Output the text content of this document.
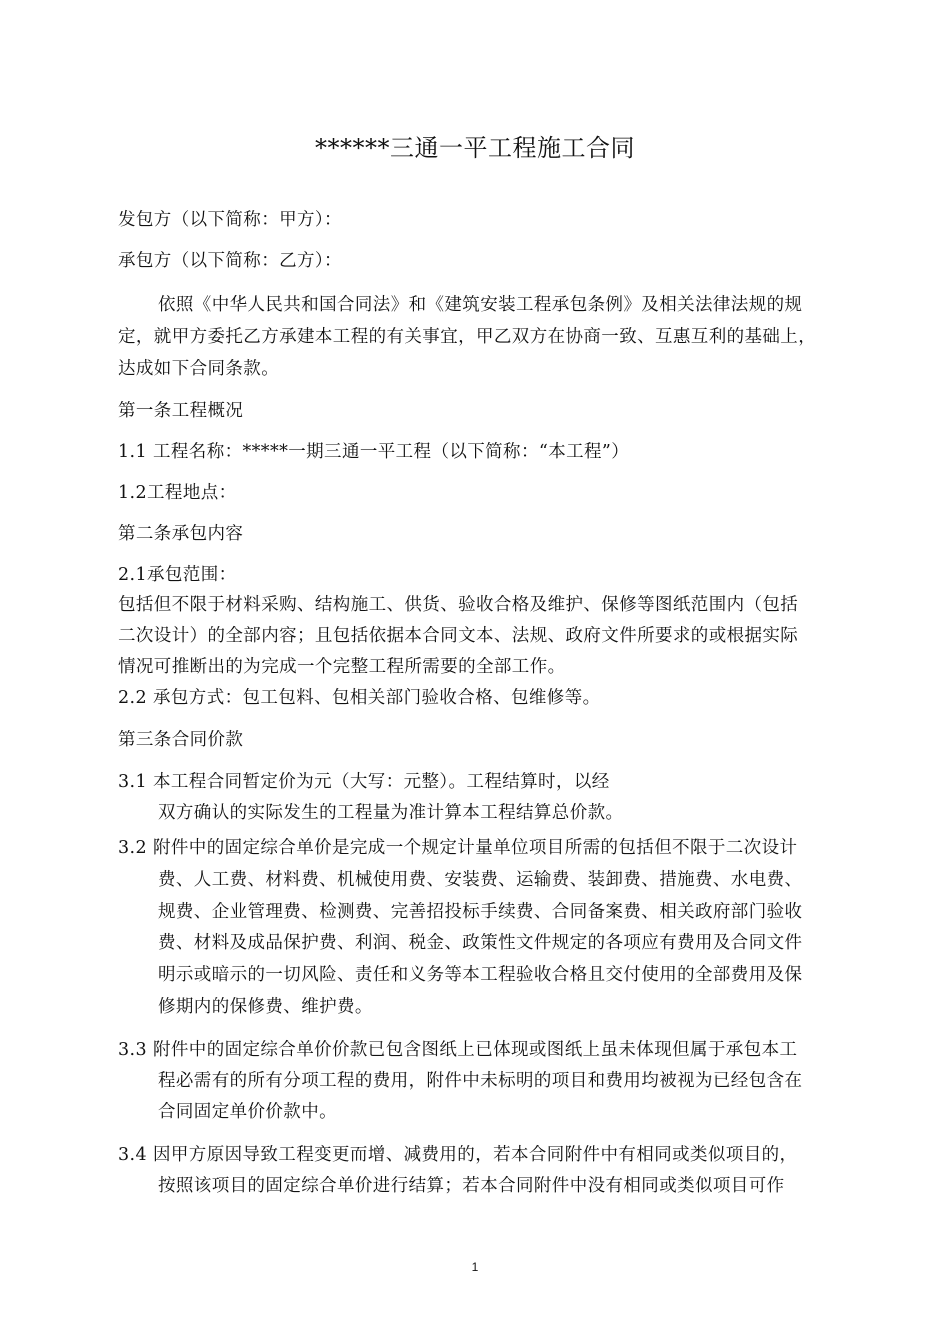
******三通一平工程施工合同
发包方（以下简称：甲方）：
承包方（以下简称：乙方）：
依照《中华人民共和国合同法》和《建筑安装工程承包条例》及相关法律法规的规
定，就甲方委托乙方承建本工程的有关事宜，甲乙双方在协商一致、互惠互利的基础上，
达成如下合同条款。
第一条工程概况
1.1 工程名称：*****一期三通一平工程（以下简称：“本工程”）
1.2工程地点：
第二条承包内容
2.1承包范围：
包括但不限于材料采购、结构施工、供货、验收合格及维护、保修等图纸范围内（包括
二次设计）的全部内容；且包括依据本合同文本、法规、政府文件所要求的或根据实际
情况可推断出的为完成一个完整工程所需要的全部工作。
2.2 承包方式：包工包料、包相关部门验收合格、包维修等。
第三条合同价款
3.1 本工程合同暂定价为元（大写：元整）。工程结算时，以经
双方确认的实际发生的工程量为准计算本工程结算总价款。
3.2 附件中的固定综合单价是完成一个规定计量单位项目所需的包括但不限于二次设计
费、人工费、材料费、机械使用费、安装费、运输费、装卸费、措施费、水电费、
规费、企业管理费、检测费、完善招投标手续费、合同备案费、相关政府部门验收
费、材料及成品保护费、利润、税金、政策性文件规定的各项应有费用及合同文件
明示或暗示的一切风险、责任和义务等本工程验收合格且交付使用的全部费用及保
修期内的保修费、维护费。
3.3 附件中的固定综合单价价款已包含图纸上已体现或图纸上虽未体现但属于承包本工
程必需有的所有分项工程的费用，附件中未标明的项目和费用均被视为已经包含在
合同固定单价价款中。
3.4 因甲方原因导致工程变更而增、减费用的，若本合同附件中有相同或类似项目的，
按照该项目的固定综合单价进行结算；若本合同附件中没有相同或类似项目可作
1
